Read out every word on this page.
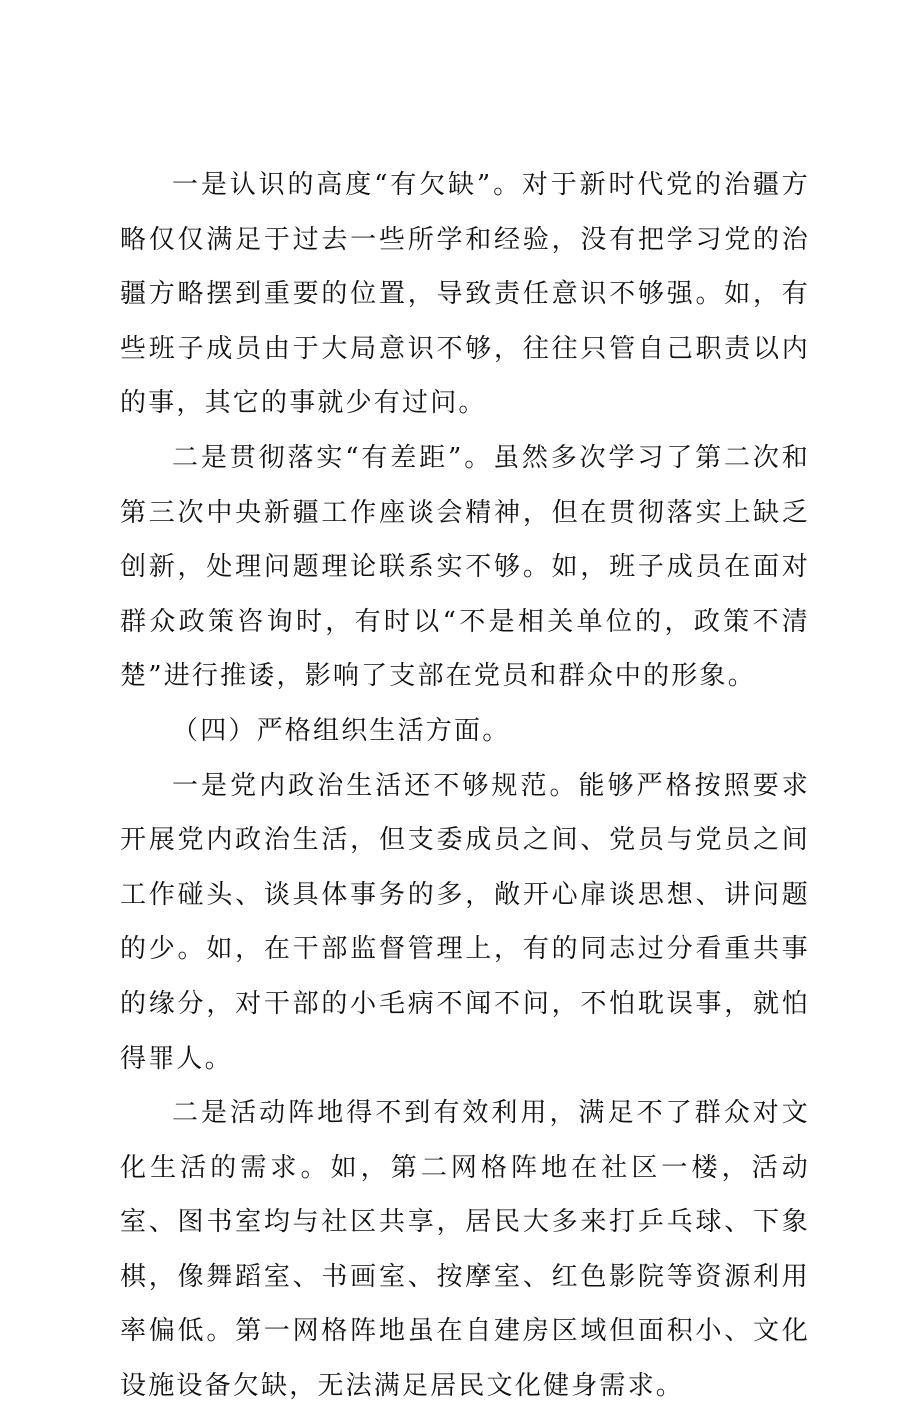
一是认识的高度“有欠缺”。对于新时代党的治疆方略仅仅满足于过去一些所学和经验，没有把学习党的治疆方略摆到重要的位置，导致责任意识不够强。如，有些班子成员由于大局意识不够，往往只管自己职责以内的事，其它的事就少有过问。

二是贯彻落实“有差距”。虽然多次学习了第二次和第三次中央新疆工作座谈会精神，但在贯彻落实上缺乏创新，处理问题理论联系实不够。如，班子成员在面对群众政策咨询时，有时以“不是相关单位的，政策不清楚”进行推诿，影响了支部在党员和群众中的形象。

（四）严格组织生活方面。

一是党内政治生活还不够规范。能够严格按照要求开展党内政治生活，但支委成员之间、党员与党员之间工作碰头、谈具体事务的多，敞开心扉谈思想、讲问题的少。如，在干部监督管理上，有的同志过分看重共事的缘分，对干部的小毛病不闻不问，不怕耽误事，就怕得罪人。

二是活动阵地得不到有效利用，满足不了群众对文化生活的需求。如，第二网格阵地在社区一楼，活动室、图书室均与社区共享，居民大多来打乒乓球、下象棋，像舞蹈室、书画室、按摩室、红色影院等资源利用率偏低。第一网格阵地虽在自建房区域但面积小、文化设施设备欠缺，无法满足居民文化健身需求。
